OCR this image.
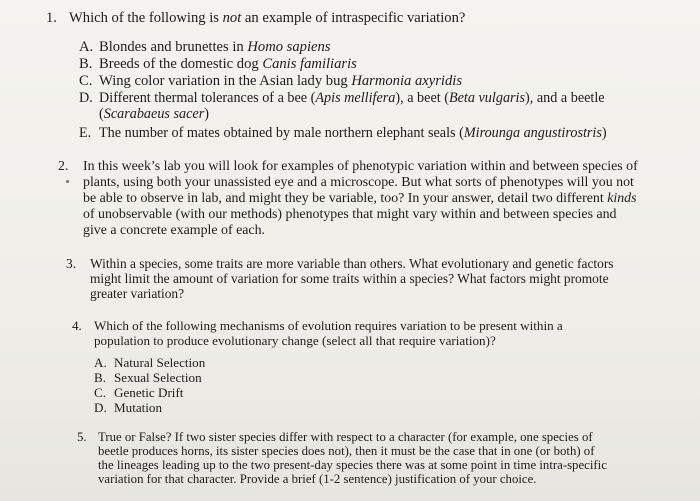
1. Which of the following is not an example of intraspecific variation?
A. Blondes and brunettes in Homo sapiens
B. Breeds of the domestic dog Canis familiaris
C. Wing color variation in the Asian lady bug Harmonia axyridis
D. Different thermal tolerances of a bee (Apis mellifera), a beet (Beta vulgaris), and a beetle
(Scarabaeus sacer)
E. The number of mates obtained by male northern elephant seals (Mirounga angustirostris)
2. In this week’s lab you will look for examples of phenotypic variation within and between species of
plants, using both your unassisted eye and a microscope. But what sorts of phenotypes will you not
be able to observe in lab, and might they be variable, too? In your answer, detail two different kinds
of unobservable (with our methods) phenotypes that might vary within and between species and
give a concrete example of each.
3. Within a species, some traits are more variable than others. What evolutionary and genetic factors
might limit the amount of variation for some traits within a species? What factors might promote
greater variation?
4. Which of the following mechanisms of evolution requires variation to be present within a
population to produce evolutionary change (select all that require variation)?
A. Natural Selection
B. Sexual Selection
C. Genetic Drift
D. Mutation
5. True or False? If two sister species differ with respect to a character (for example, one species of
beetle produces horns, its sister species does not), then it must be the case that in one (or both) of
the lineages leading up to the two present-day species there was at some point in time intra-specific
variation for that character. Provide a brief (1-2 sentence) justification of your choice.
